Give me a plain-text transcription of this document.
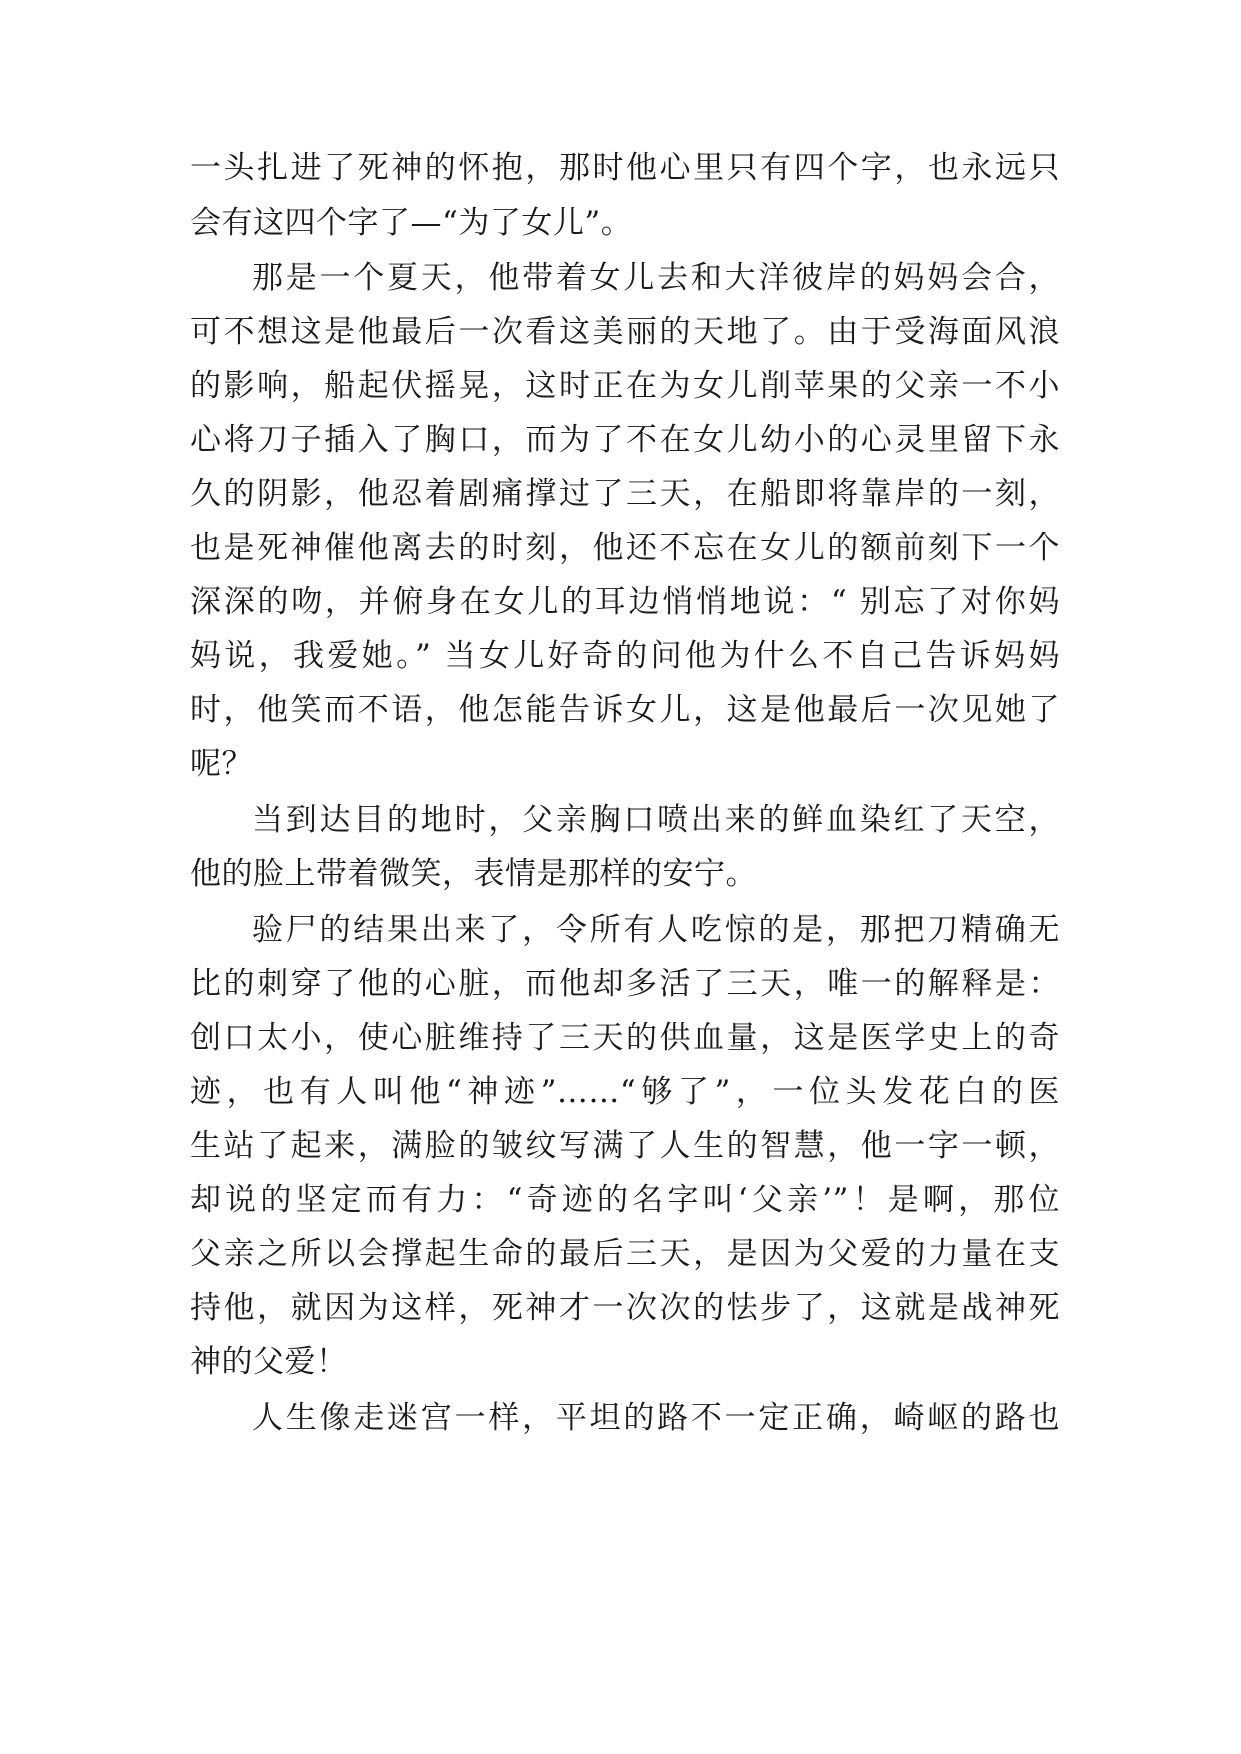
一头扎进了死神的怀抱，那时他心里只有四个字，也永远只
会有这四个字了—“为了女儿”。
那是一个夏天，他带着女儿去和大洋彼岸的妈妈会合，
可不想这是他最后一次看这美丽的天地了。由于受海面风浪
的影响，船起伏摇晃，这时正在为女儿削苹果的父亲一不小
心将刀子插入了胸口，而为了不在女儿幼小的心灵里留下永
久的阴影，他忍着剧痛撑过了三天，在船即将靠岸的一刻，
也是死神催他离去的时刻，他还不忘在女儿的额前刻下一个
深深的吻，并俯身在女儿的耳边悄悄地说：“ 别忘了对你妈
妈说，我爱她。” 当女儿好奇的问他为什么不自己告诉妈妈
时，他笑而不语，他怎能告诉女儿，这是他最后一次见她了
呢？
当到达目的地时，父亲胸口喷出来的鲜血染红了天空，
他的脸上带着微笑，表情是那样的安宁。
验尸的结果出来了，令所有人吃惊的是，那把刀精确无
比的刺穿了他的心脏，而他却多活了三天，唯一的解释是：
创口太小，使心脏维持了三天的供血量，这是医学史上的奇
迹，也有人叫他“神迹”……“够了”，一位头发花白的医
生站了起来，满脸的皱纹写满了人生的智慧，他一字一顿，
却说的坚定而有力：“奇迹的名字叫‘父亲’”！是啊，那位
父亲之所以会撑起生命的最后三天，是因为父爱的力量在支
持他，就因为这样，死神才一次次的怯步了，这就是战神死
神的父爱！
人生像走迷宫一样，平坦的路不一定正确，崎岖的路也
